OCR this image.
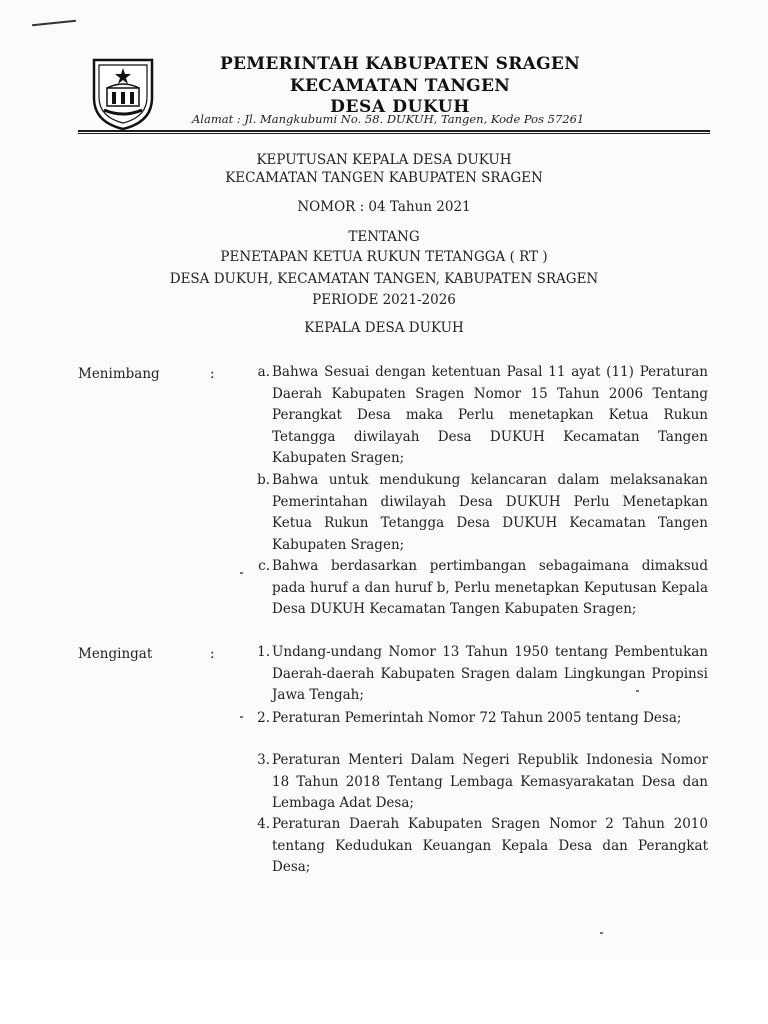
PEMERINTAH KABUPATEN SRAGEN
KECAMATAN TANGEN
DESA DUKUH
Alamat : Jl. Mangkubumi No. 58. DUKUH, Tangen, Kode Pos 57261
KEPUTUSAN KEPALA DESA DUKUH
KECAMATAN TANGEN KABUPATEN SRAGEN
NOMOR : 04 Tahun 2021
TENTANG
PENETAPAN KETUA RUKUN TETANGGA ( RT )
DESA DUKUH, KECAMATAN TANGEN, KABUPATEN SRAGEN
PERIODE 2021-2026
KEPALA DESA DUKUH
Menimbang	:	a. Bahwa Sesuai dengan ketentuan Pasal 11 ayat (11) Peraturan Daerah Kabupaten Sragen Nomor 15 Tahun 2006 Tentang Perangkat Desa maka Perlu menetapkan Ketua Rukun Tetangga diwilayah Desa DUKUH Kecamatan Tangen Kabupaten Sragen;
b. Bahwa untuk mendukung kelancaran dalam melaksanakan Pemerintahan diwilayah Desa DUKUH Perlu Menetapkan Ketua Rukun Tetangga Desa DUKUH Kecamatan Tangen Kabupaten Sragen;
c. Bahwa berdasarkan pertimbangan sebagaimana dimaksud pada huruf a dan huruf b, Perlu menetapkan Keputusan Kepala Desa DUKUH Kecamatan Tangen Kabupaten Sragen;
Mengingat	:	1. Undang-undang Nomor 13 Tahun 1950 tentang Pembentukan Daerah-daerah Kabupaten Sragen dalam Lingkungan Propinsi Jawa Tengah;
2. Peraturan Pemerintah Nomor 72 Tahun 2005 tentang Desa;
3. Peraturan Menteri Dalam Negeri Republik Indonesia Nomor 18 Tahun 2018 Tentang Lembaga Kemasyarakatan Desa dan Lembaga Adat Desa;
4. Peraturan Daerah Kabupaten Sragen Nomor 2 Tahun 2010 tentang Kedudukan Keuangan Kepala Desa dan Perangkat Desa;
